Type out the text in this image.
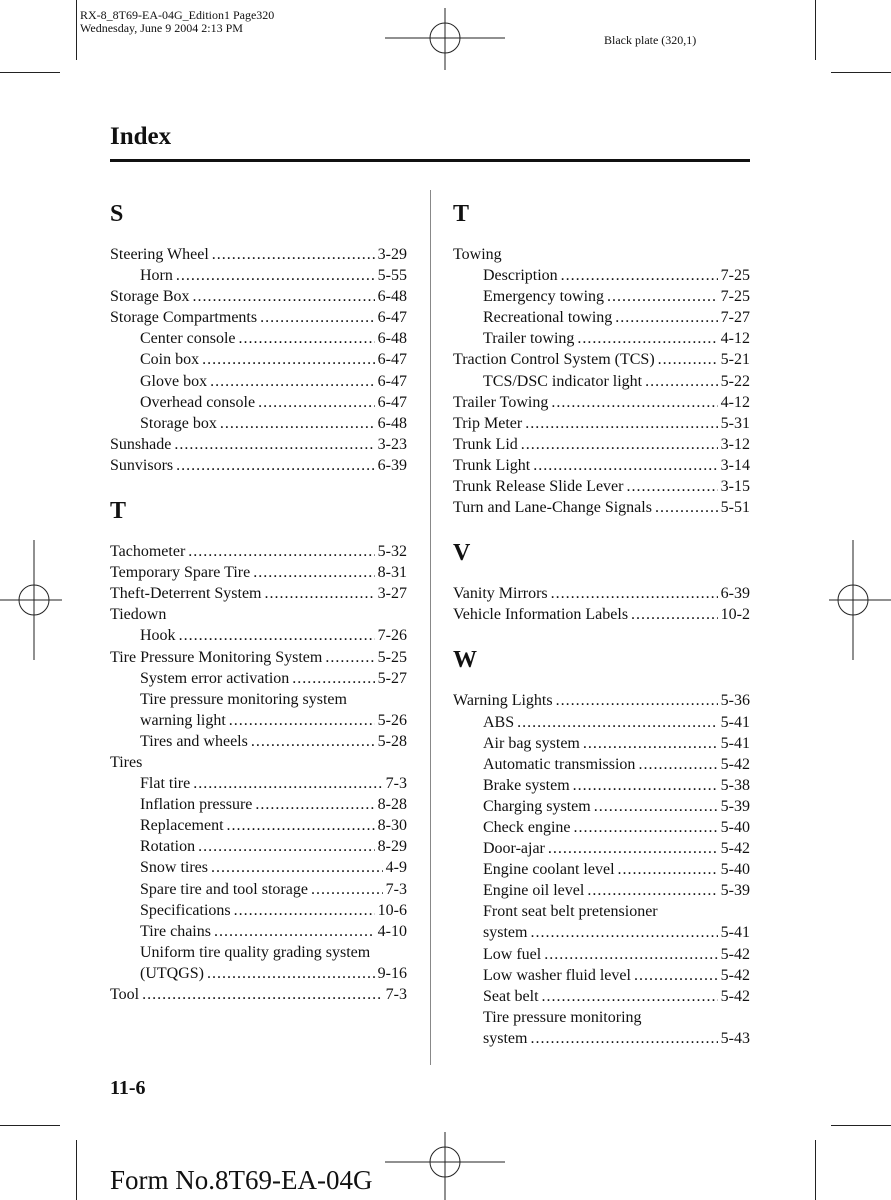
RX-8_8T69-EA-04G_Edition1 Page320
Wednesday, June 9 2004 2:13 PM
Black plate (320,1)
Index
S
Steering Wheel .....	3-29
Horn .....	5-55
Storage Box .....	6-48
Storage Compartments .....	6-47
Center console .....	6-48
Coin box .....	6-47
Glove box .....	6-47
Overhead console .....	6-47
Storage box .....	6-48
Sunshade .....	3-23
Sunvisors .....	6-39
T
Tachometer .....	5-32
Temporary Spare Tire .....	8-31
Theft-Deterrent System .....	3-27
Tiedown
Hook .....	7-26
Tire Pressure Monitoring System .....	5-25
System error activation .....	5-27
Tire pressure monitoring system
warning light .....	5-26
Tires and wheels .....	5-28
Tires
Flat tire .....	7-3
Inflation pressure .....	8-28
Replacement .....	8-30
Rotation .....	8-29
Snow tires .....	4-9
Spare tire and tool storage .....	7-3
Specifications .....	10-6
Tire chains .....	4-10
Uniform tire quality grading system
(UTQGS) .....	9-16
Tool .....	7-3
T
Towing
Description .....	7-25
Emergency towing .....	7-25
Recreational towing .....	7-27
Trailer towing .....	4-12
Traction Control System (TCS) .....	5-21
TCS/DSC indicator light .....	5-22
Trailer Towing .....	4-12
Trip Meter .....	5-31
Trunk Lid .....	3-12
Trunk Light .....	3-14
Trunk Release Slide Lever .....	3-15
Turn and Lane-Change Signals .....	5-51
V
Vanity Mirrors .....	6-39
Vehicle Information Labels .....	10-2
W
Warning Lights .....	5-36
ABS .....	5-41
Air bag system .....	5-41
Automatic transmission .....	5-42
Brake system .....	5-38
Charging system .....	5-39
Check engine .....	5-40
Door-ajar .....	5-42
Engine coolant level .....	5-40
Engine oil level .....	5-39
Front seat belt pretensioner
system .....	5-41
Low fuel .....	5-42
Low washer fluid level .....	5-42
Seat belt .....	5-42
Tire pressure monitoring
system .....	5-43
11-6
Form No.8T69-EA-04G
